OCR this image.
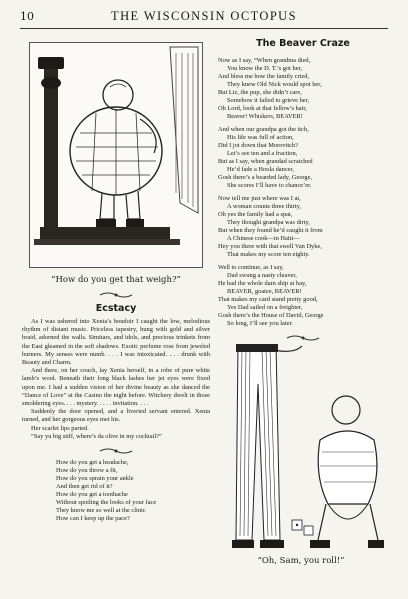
10	THE WISCONSIN OCTOPUS
“How do you get that weigh?”
Ecstacy

As I was ushered into Xenia’s boudoir I caught the low, melodious rhythm of distant music. Priceless tapestry, hung with gold and silver braid, adorned the walls. Simitars, and idols, and precious trinkets from the East gleamed in the soft shadows. Exotic perfume rose from jeweled burners. My senses were numb. . . . I was intoxicated. . . . drunk with Beauty and Charm.

And there, on her couch, lay Xenia herself, in a robe of pure white lamb’s wool. Beneath their long black lashes her jet eyes were fixed upon me. I had a sudden vision of her divine beauty as she danced the “Dance of Love” at the Casino the night before. Witchery dwelt in those smoldering eyes. . . . mystery. . . . . invitation. . . .

Suddenly the door opened, and a liveried servant entered. Xenia turned, and her gorgeous eyes met his.

Her scarlet lips parted.

“Say yu big stiff, where’s da olive in my cocktail?”

How do you get a headache,
How do you throw a fit,
How do you sprain your ankle
And then get rid of it?
How do you get a toothache
Without spoiling the looks of your face
They know me so well at the clinic
How can I keep up the pace?
The Beaver Craze
Now as I say, “When grandma died,
You know the D. T.’s got her,
And bless me how the family cried,
They knew Old Nick would spot her,
But Liz, the pup, she didn’t care,
Somehow it failed to grieve her,
Oh Lord, look at that fellow’s hair,
Beaver! Whiskers, BEAVER!
And when our grandpa got the itch,
His life was full of action,
Did I jot down that Morovitch?
Let’s see ten and a fraction,
But as I say, when grandad scratched
He’d fade a Hoola dancer,
Gosh there’s a bearded lady, George,
She scores I’ll have to chance’er.
Now tell me just where was I at,
A woman counts three thirty,
Oh yes the family had a spat,
They thought grandpa was dirty,
But when they found he’d caught it from
A Chinese cook—in Haiti—
Hey you there with that swell Van Dyke,
That makes my score ten eighty.
Well to continue, as I say,
Dad swung a nasty cleaver,
He had the whole darn ship at bay,
BEAVER, goatee, BEAVER!
That makes my card stand pretty good,
Yes Dad sailed on a freighter,
Gosh there’s the House of David, George
So long, I’ll see you later.
“Oh, Sam, you roll!”
